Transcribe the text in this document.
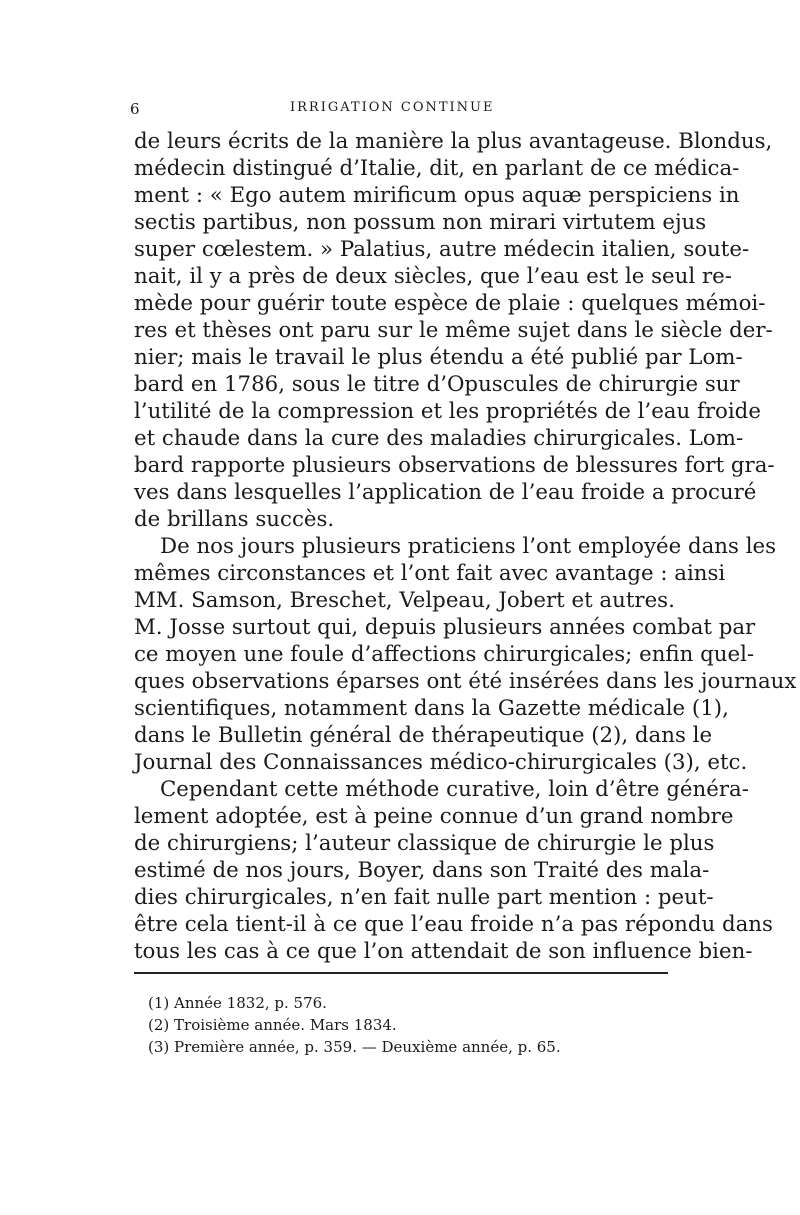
6	IRRIGATION CONTINUE
de leurs écrits de la manière la plus avantageuse. Blondus,
médecin distingué d’Italie, dit, en parlant de ce médica-
ment : « Ego autem mirificum opus aquæ perspiciens in
sectis partibus, non possum non mirari virtutem ejus
super cœlestem. » Palatius, autre médecin italien, soute-
nait, il y a près de deux siècles, que l’eau est le seul re-
mède pour guérir toute espèce de plaie : quelques mémoi-
res et thèses ont paru sur le même sujet dans le siècle der-
nier; mais le travail le plus étendu a été publié par Lom-
bard en 1786, sous le titre d’Opuscules de chirurgie sur
l’utilité de la compression et les propriétés de l’eau froide
et chaude dans la cure des maladies chirurgicales. Lom-
bard rapporte plusieurs observations de blessures fort gra-
ves dans lesquelles l’application de l’eau froide a procuré
de brillans succès.
De nos jours plusieurs praticiens l’ont employée dans les
mêmes circonstances et l’ont fait avec avantage : ainsi
MM. Samson, Breschet, Velpeau, Jobert et autres.
M. Josse surtout qui, depuis plusieurs années combat par
ce moyen une foule d’affections chirurgicales; enfin quel-
ques observations éparses ont été insérées dans les journaux
scientifiques, notamment dans la Gazette médicale (1),
dans le Bulletin général de thérapeutique (2), dans le
Journal des Connaissances médico-chirurgicales (3), etc.
Cependant cette méthode curative, loin d’être généra-
lement adoptée, est à peine connue d’un grand nombre
de chirurgiens; l’auteur classique de chirurgie le plus
estimé de nos jours, Boyer, dans son Traité des mala-
dies chirurgicales, n’en fait nulle part mention : peut-
être cela tient-il à ce que l’eau froide n’a pas répondu dans
tous les cas à ce que l’on attendait de son influence bien-
(1) Année 1832, p. 576.
(2) Troisième année. Mars 1834.
(3) Première année, p. 359. — Deuxième année, p. 65.
